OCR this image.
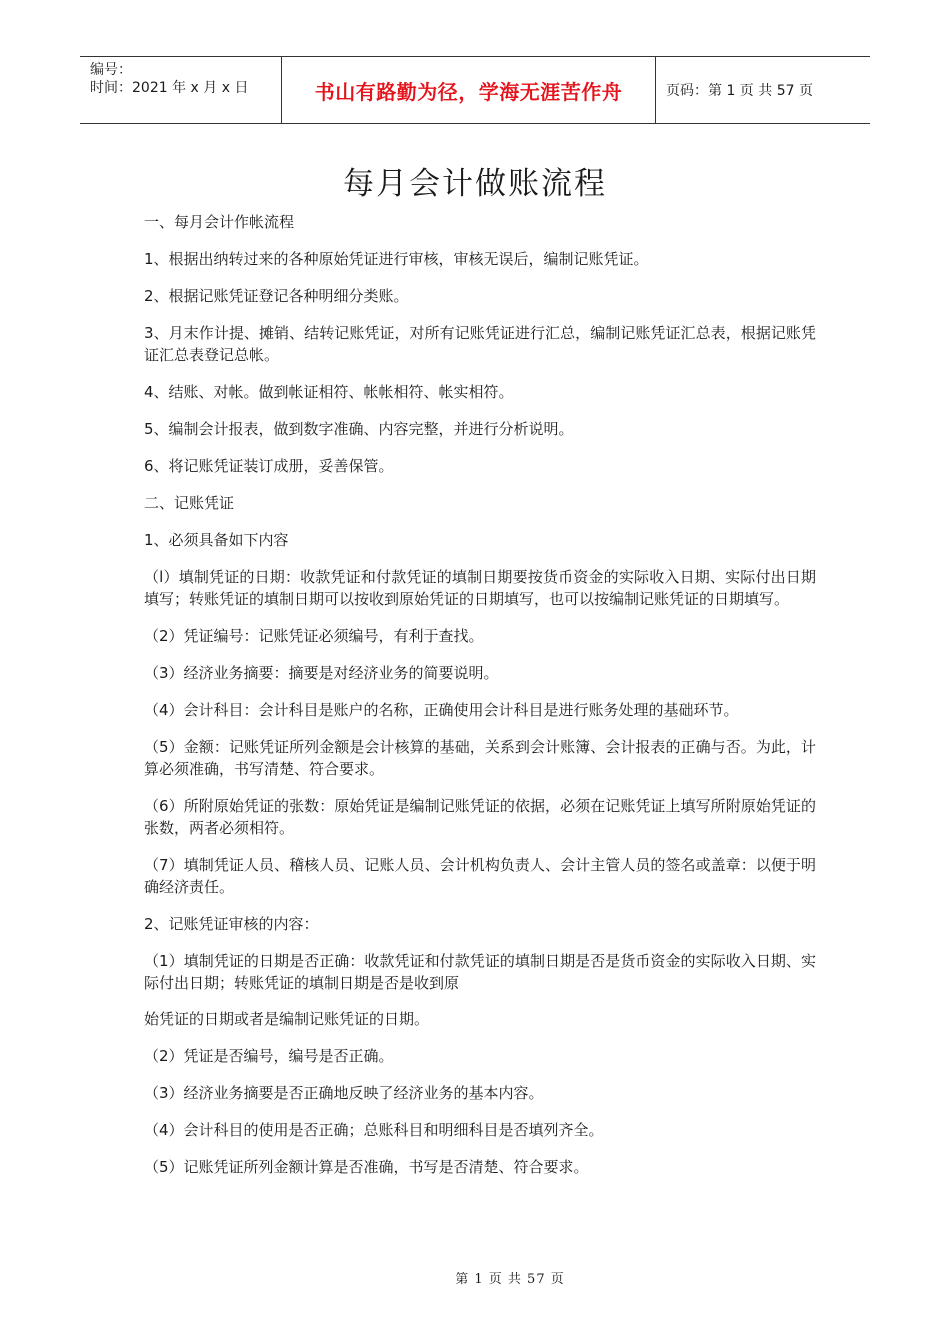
编号：
时间：2021 年 x 月 x 日	书山有路勤为径，学海无涯苦作舟	页码：第 1 页 共 57 页
每月会计做账流程

一、每月会计作帐流程

1、根据出纳转过来的各种原始凭证进行审核，审核无误后，编制记账凭证。

2、根据记账凭证登记各种明细分类账。

3、月末作计提、摊销、结转记账凭证，对所有记账凭证进行汇总，编制记账凭证汇总表，根据记账凭证汇总表登记总帐。

4、结账、对帐。做到帐证相符、帐帐相符、帐实相符。

5、编制会计报表，做到数字准确、内容完整，并进行分析说明。

6、将记账凭证装订成册，妥善保管。

二、记账凭证

1、必须具备如下内容

（l）填制凭证的日期：收款凭证和付款凭证的填制日期要按货币资金的实际收入日期、实际付出日期填写；转账凭证的填制日期可以按收到原始凭证的日期填写，也可以按编制记账凭证的日期填写。

（2）凭证编号：记账凭证必须编号，有利于查找。

（3）经济业务摘要：摘要是对经济业务的简要说明。

（4）会计科目：会计科目是账户的名称，正确使用会计科目是进行账务处理的基础环节。

（5）金额：记账凭证所列金额是会计核算的基础，关系到会计账簿、会计报表的正确与否。为此，计算必须准确，书写清楚、符合要求。

（6）所附原始凭证的张数：原始凭证是编制记账凭证的依据，必须在记账凭证上填写所附原始凭证的张数，两者必须相符。

（7）填制凭证人员、稽核人员、记账人员、会计机构负责人、会计主管人员的签名或盖章：以便于明确经济责任。

2、记账凭证审核的内容：

（1）填制凭证的日期是否正确：收款凭证和付款凭证的填制日期是否是货币资金的实际收入日期、实际付出日期；转账凭证的填制日期是否是收到原

始凭证的日期或者是编制记账凭证的日期。

（2）凭证是否编号，编号是否正确。

（3）经济业务摘要是否正确地反映了经济业务的基本内容。

（4）会计科目的使用是否正确；总账科目和明细科目是否填列齐全。

（5）记账凭证所列金额计算是否准确，书写是否清楚、符合要求。

第 1 页 共 57 页
